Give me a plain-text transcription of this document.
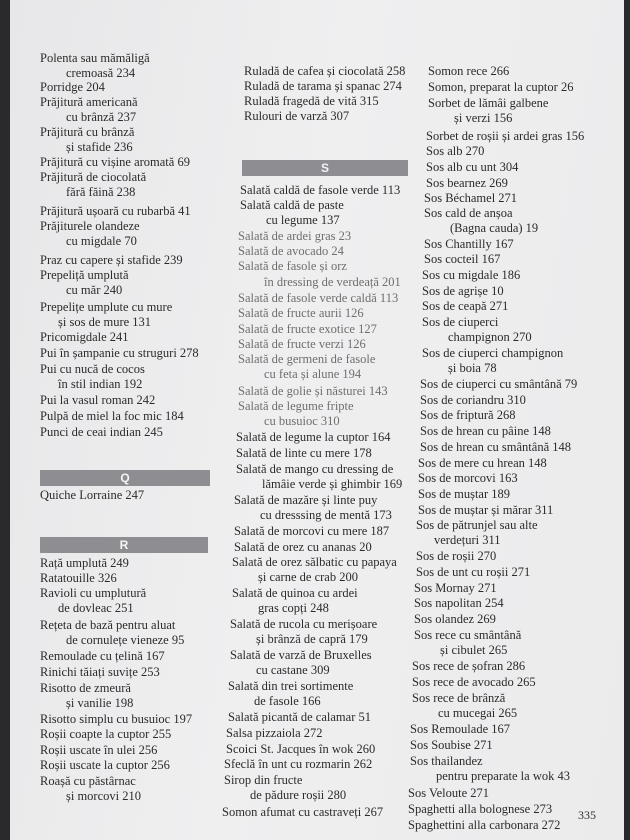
Polenta sau mămăligă
cremoasă 234
Porridge 204
Prăjitură americană
cu brânză 237
Prăjitură cu brânză
și stafide 236
Prăjitură cu vișine aromată 69
Prăjitură de ciocolată
fără făină 238
Prăjitură ușoară cu rubarbă 41
Prăjiturele olandeze
cu migdale 70
Praz cu capere și stafide 239
Prepeliță umplută
cu măr 240
Prepelițe umplute cu mure
și sos de mure 131
Pricomigdale 241
Pui în șampanie cu struguri 278
Pui cu nucă de cocos
în stil indian 192
Pui la vasul roman 242
Pulpă de miel la foc mic 184
Punci de ceai indian 245
Q
Quiche Lorraine 247
R
Rață umplută 249
Ratatouille 326
Ravioli cu umplutură
de dovleac 251
Rețeta de bază pentru aluat
de cornulețe vieneze 95
Remoulade cu țelină 167
Rinichi tăiați suvițe 253
Risotto de zmeură
și vanilie 198
Risotto simplu cu busuioc 197
Roșii coapte la cuptor 255
Roșii uscate în ulei 256
Roșii uscate la cuptor 256
Roașă cu păstârnac
și morcovi 210
Ruladă de cafea și ciocolată 258
Ruladă de tarama și spanac 274
Ruladă fragedă de vită 315
Rulouri de varză 307
S
Salată caldă de fasole verde 113
Salată caldă de paste
cu legume 137
Salată de ardei gras 23
Salată de avocado 24
Salată de fasole și orz
în dressing de verdeață 201
Salată de fasole verde caldă 113
Salată de fructe aurii 126
Salată de fructe exotice 127
Salată de fructe verzi 126
Salată de germeni de fasole
cu feta și alune 194
Salată de golie și năsturei 143
Salată de legume fripte
cu busuioc 310
Salată de legume la cuptor 164
Salată de linte cu mere 178
Salată de mango cu dressing de
lămâie verde și ghimbir 169
Salată de mazăre și linte puy
cu dresssing de mentă 173
Salată de morcovi cu mere 187
Salată de orez cu ananas 20
Salată de orez sălbatic cu papaya
și carne de crab 200
Salată de quinoa cu ardei
gras copți 248
Salată de rucola cu merișoare
și brânză de capră 179
Salată de varză de Bruxelles
cu castane 309
Salată din trei sortimente
de fasole 166
Salată picantă de calamar 51
Salsa pizzaiola 272
Scoici St. Jacques în wok 260
Sfeclă în unt cu rozmarin 262
Sirop din fructe
de pădure roșii 280
Somon afumat cu castraveți 267
Somon rece 266
Somon, preparat la cuptor 26
Sorbet de lămâi galbene
și verzi 156
Sorbet de roșii și ardei gras 156
Sos alb 270
Sos alb cu unt 304
Sos bearnez 269
Sos Béchamel 271
Sos cald de anșoa
(Bagna cauda) 19
Sos Chantilly 167
Sos cocteil 167
Sos cu migdale 186
Sos de agrișe 10
Sos de ceapă 271
Sos de ciuperci
champignon 270
Sos de ciuperci champignon
și boia 78
Sos de ciuperci cu smântână 79
Sos de coriandru 310
Sos de friptură 268
Sos de hrean cu pâine 148
Sos de hrean cu smântână 148
Sos de mere cu hrean 148
Sos de morcovi 163
Sos de muștar 189
Sos de muștar și mărar 311
Sos de pătrunjel sau alte
verdețuri 311
Sos de roșii 270
Sos de unt cu roșii 271
Sos Mornay 271
Sos napolitan 254
Sos olandez 269
Sos rece cu smântână
și cibulet 265
Sos rece de șofran 286
Sos rece de avocado 265
Sos rece de brânză
cu mucegai 265
Sos Remoulade 167
Sos Soubise 271
Sos thailandez
pentru preparate la wok 43
Sos Veloute 271
Spaghetti alla bolognese 273
Spaghettini alla carbonara 272
335
